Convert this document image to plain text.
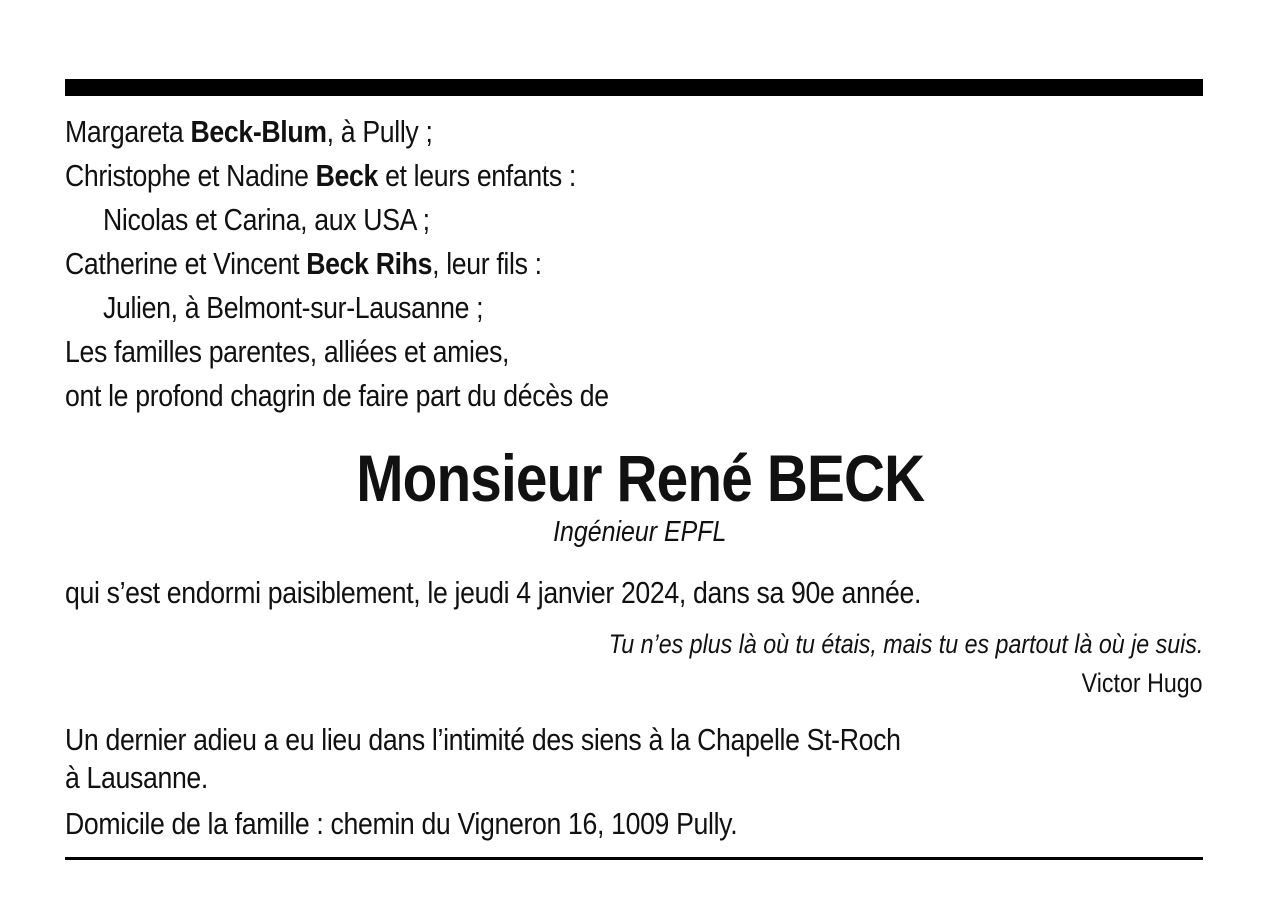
Margareta Beck-Blum, à Pully ;
Christophe et Nadine Beck et leurs enfants :
Nicolas et Carina, aux USA ;
Catherine et Vincent Beck Rihs, leur fils :
Julien, à Belmont-sur-Lausanne ;
Les familles parentes, alliées et amies,
ont le profond chagrin de faire part du décès de
Monsieur René BECK
Ingénieur EPFL
qui s’est endormi paisiblement, le jeudi 4 janvier 2024, dans sa 90e année.
Tu n’es plus là où tu étais, mais tu es partout là où je suis.
Victor Hugo
Un dernier adieu a eu lieu dans l’intimité des siens à la Chapelle St-Roch
à Lausanne.
Domicile de la famille : chemin du Vigneron 16, 1009 Pully.
